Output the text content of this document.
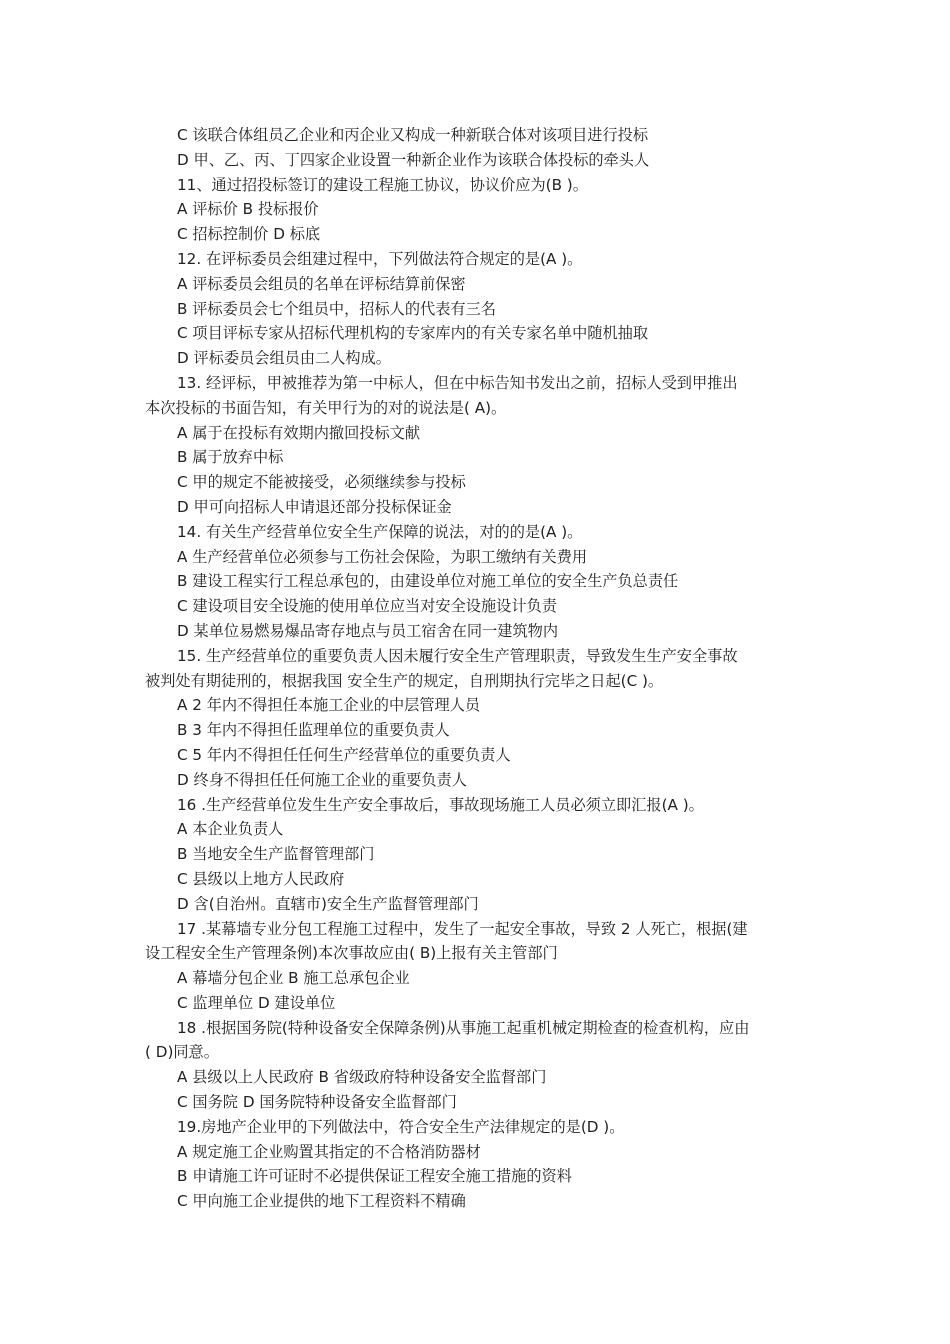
C 该联合体组员乙企业和丙企业又构成一种新联合体对该项目进行投标
D 甲、乙、丙、丁四家企业设置一种新企业作为该联合体投标的牵头人
11、通过招投标签订的建设工程施工协议，协议价应为(B )。
A 评标价 B 投标报价
C 招标控制价 D 标底
12. 在评标委员会组建过程中，下列做法符合规定的是(A )。
A 评标委员会组员的名单在评标结算前保密
B 评标委员会七个组员中，招标人的代表有三名
C 项目评标专家从招标代理机构的专家库内的有关专家名单中随机抽取
D 评标委员会组员由二人构成。
13. 经评标，甲被推荐为第一中标人，但在中标告知书发出之前，招标人受到甲推出
本次投标的书面告知，有关甲行为的对的说法是( A)。
A 属于在投标有效期内撤回投标文献
B 属于放弃中标
C 甲的规定不能被接受，必须继续参与投标
D 甲可向招标人申请退还部分投标保证金
14. 有关生产经营单位安全生产保障的说法，对的的是(A )。
A 生产经营单位必须参与工伤社会保险，为职工缴纳有关费用
B 建设工程实行工程总承包的，由建设单位对施工单位的安全生产负总责任
C 建设项目安全设施的使用单位应当对安全设施设计负责
D 某单位易燃易爆品寄存地点与员工宿舍在同一建筑物内
15. 生产经营单位的重要负责人因未履行安全生产管理职责，导致发生生产安全事故
被判处有期徒刑的，根据我国 安全生产的规定，自刑期执行完毕之日起(C )。
A 2 年内不得担任本施工企业的中层管理人员
B 3 年内不得担任监理单位的重要负责人
C 5 年内不得担任任何生产经营单位的重要负责人
D 终身不得担任任何施工企业的重要负责人
16 .生产经营单位发生生产安全事故后，事故现场施工人员必须立即汇报(A )。
A 本企业负责人
B 当地安全生产监督管理部门
C 县级以上地方人民政府
D 含(自治州。直辖市)安全生产监督管理部门
17 .某幕墙专业分包工程施工过程中，发生了一起安全事故，导致 2 人死亡，根据(建
设工程安全生产管理条例)本次事故应由( B)上报有关主管部门
A 幕墙分包企业 B 施工总承包企业
C 监理单位 D 建设单位
18 .根据国务院(特种设备安全保障条例)从事施工起重机械定期检查的检查机构，应由
( D)同意。
A 县级以上人民政府 B 省级政府特种设备安全监督部门
C 国务院 D 国务院特种设备安全监督部门
19.房地产企业甲的下列做法中，符合安全生产法律规定的是(D )。
A 规定施工企业购置其指定的不合格消防器材
B 申请施工许可证时不必提供保证工程安全施工措施的资料
C 甲向施工企业提供的地下工程资料不精确
